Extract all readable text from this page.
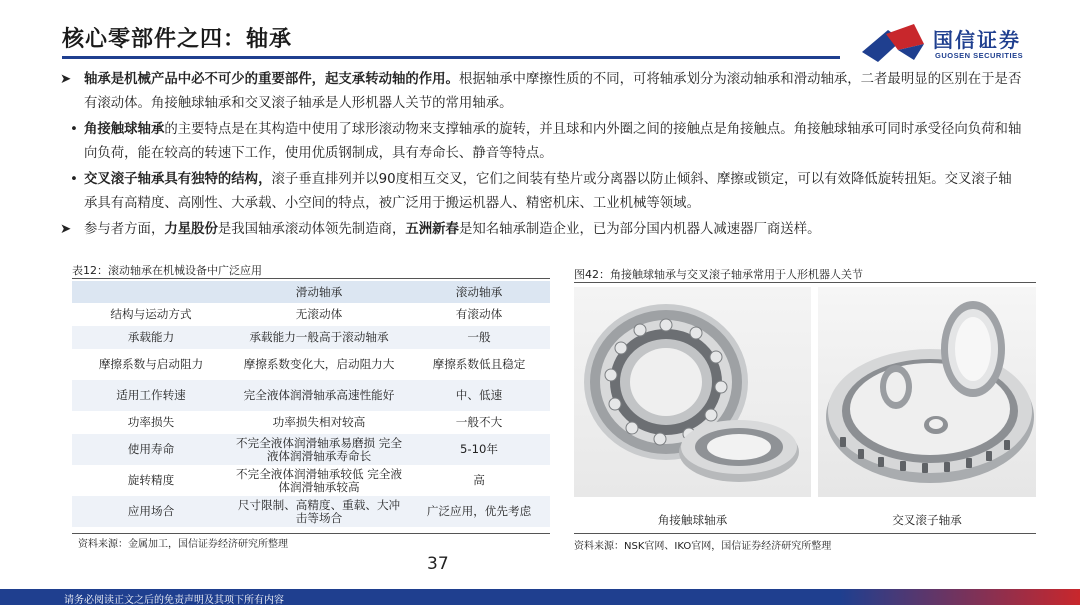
核心零部件之四：轴承	国信证券
GUOSEN SECURITIES
➤ 轴承是机械产品中必不可少的重要部件，起支承转动轴的作用。根据轴承中摩擦性质的不同，可将轴承划分为滚动轴承和滑动轴承，二者最明显的区别在于是否有滚动体。角接触球轴承和交叉滚子轴承是人形机器人关节的常用轴承。
• 角接触球轴承的主要特点是在其构造中使用了球形滚动物来支撑轴承的旋转，并且球和内外圈之间的接触点是角接触点。角接触球轴承可同时承受径向负荷和轴向负荷，能在较高的转速下工作，使用优质钢制成，具有寿命长、静音等特点。
• 交叉滚子轴承具有独特的结构，滚子垂直排列并以90度相互交叉，它们之间装有垫片或分离器以防止倾斜、摩擦或锁定，可以有效降低旋转扭矩。交叉滚子轴承具有高精度、高刚性、大承载、小空间的特点，被广泛用于搬运机器人、精密机床、工业机械等领域。
➤ 参与者方面，力星股份是我国轴承滚动体领先制造商，五洲新春是知名轴承制造企业，已为部分国内机器人减速器厂商送样。
表12：滚动轴承在机械设备中广泛应用
	滑动轴承	滚动轴承
结构与运动方式	无滚动体	有滚动体
承载能力	承载能力一般高于滚动轴承	一般
摩擦系数与启动阻力	摩擦系数变化大，启动阻力大	摩擦系数低且稳定
适用工作转速	完全液体润滑轴承高速性能好	中、低速
功率损失	功率损失相对较高	一般不大
使用寿命	不完全液体润滑轴承易磨损 完全液体润滑轴承寿命长	5-10年
旋转精度	不完全液体润滑轴承较低 完全液体润滑轴承较高	高
应用场合	尺寸限制、高精度、重载、大冲击等场合	广泛应用，优先考虑
资料来源：金属加工，国信证券经济研究所整理
图42：角接触球轴承与交叉滚子轴承常用于人形机器人关节
角接触球轴承	交叉滚子轴承
资料来源：NSK官网、IKO官网，国信证券经济研究所整理
37
请务必阅读正文之后的免责声明及其项下所有内容
